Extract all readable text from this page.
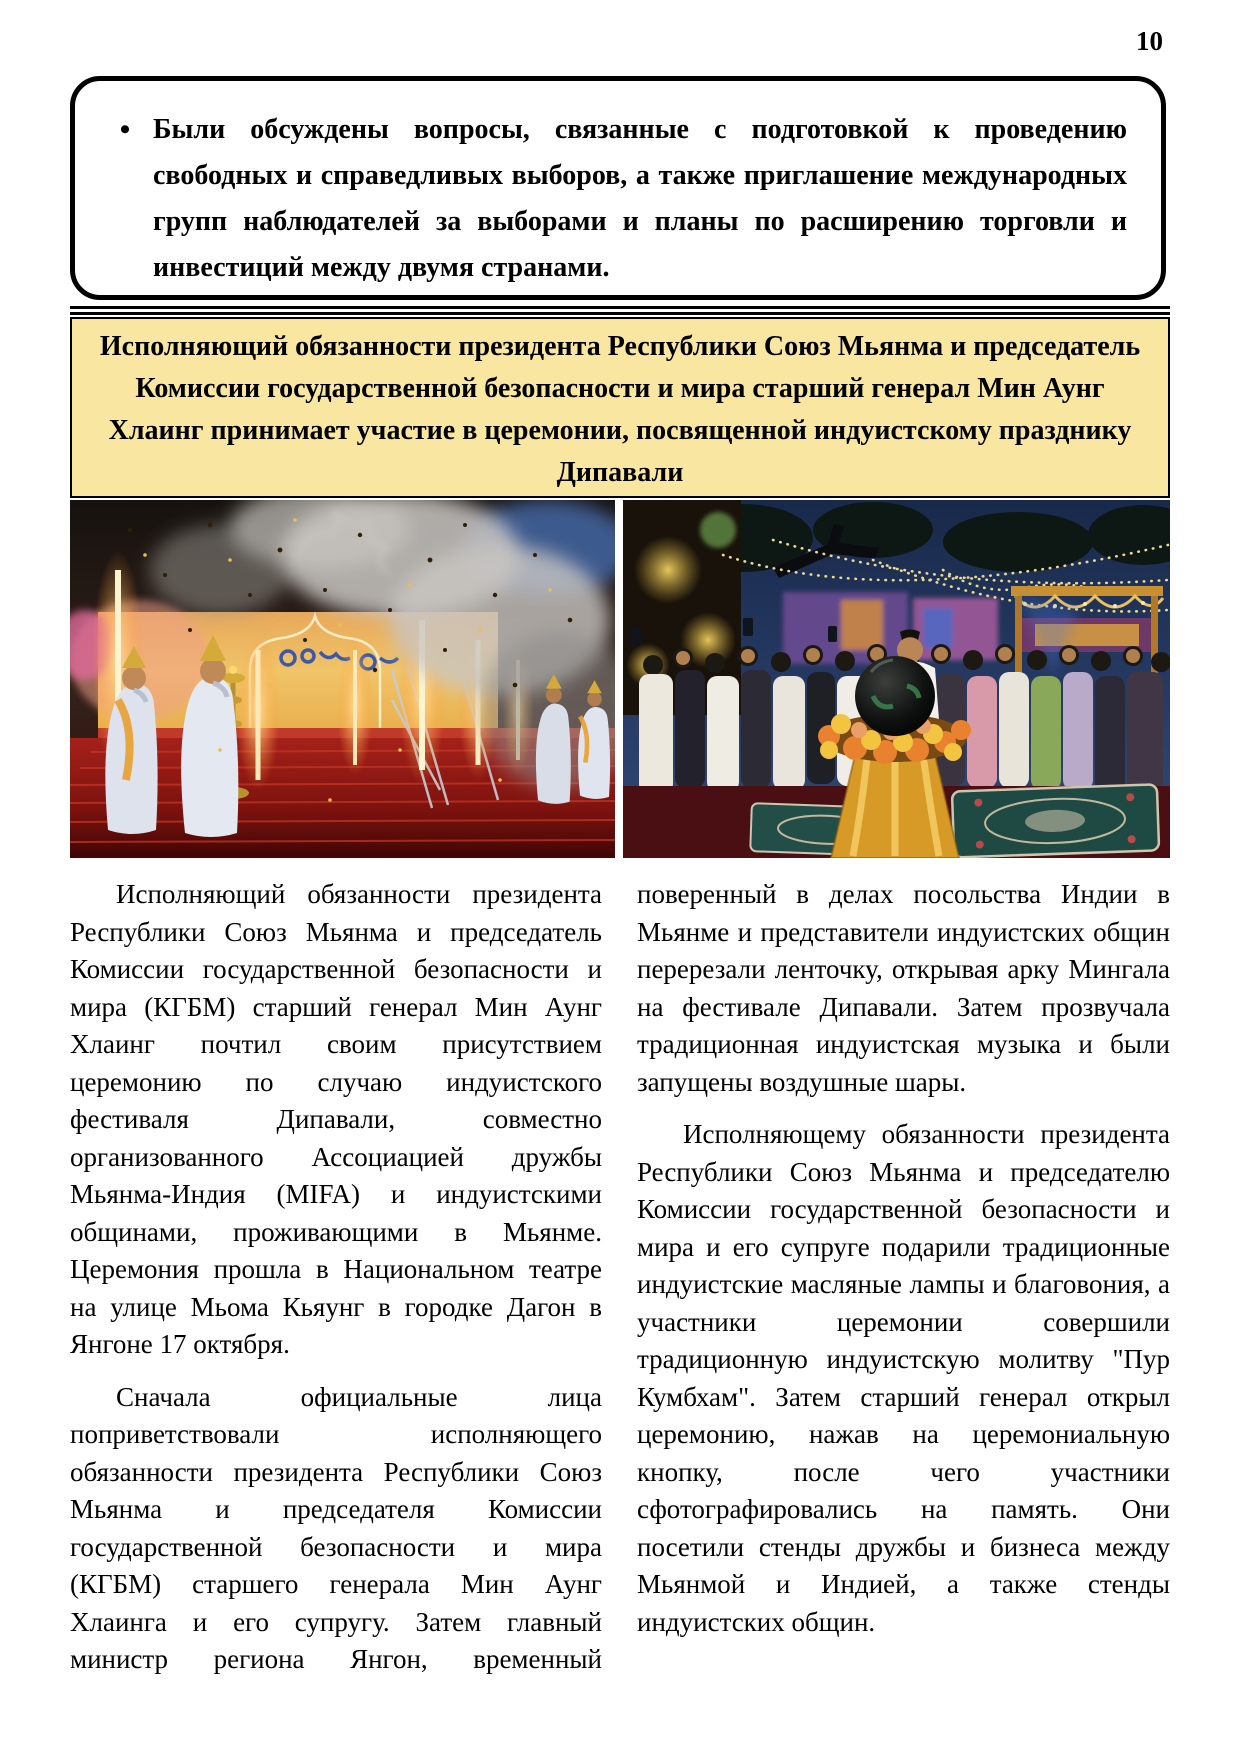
10
• Были обсуждены вопросы, связанные с подготовкой к проведению свободных и справедливых выборов, а также приглашение международных групп наблюдателей за выборами и планы по расширению торговли и инвестиций между двумя странами.
Исполняющий обязанности президента Республики Союз Мьянма и председатель Комиссии государственной безопасности и мира старший генерал Мин Аунг Хлаинг принимает участие в церемонии, посвященной индуистскому празднику Дипавали

Исполняющий обязанности президента Республики Союз Мьянма и председатель Комиссии государственной безопасности и мира (КГБМ) старший генерал Мин Аунг Хлаинг почтил своим присутствием церемонию по случаю индуистского фестиваля Дипавали, совместно организованного Ассоциацией дружбы Мьянма-Индия (MIFA) и индуистскими общинами, проживающими в Мьянме. Церемония прошла в Национальном театре на улице Мьома Кьяунг в городке Дагон в Янгоне 17 октября.

Сначала официальные лица поприветствовали исполняющего обязанности президента Республики Союз Мьянма и председателя Комиссии государственной безопасности и мира (КГБМ) старшего генерала Мин Аунг Хлаинга и его супругу. Затем главный министр региона Янгон, временный

поверенный в делах посольства Индии в Мьянме и представители индуистских общин перерезали ленточку, открывая арку Мингала на фестивале Дипавали. Затем прозвучала традиционная индуистская музыка и были запущены воздушные шары.

Исполняющему обязанности президента Республики Союз Мьянма и председателю Комиссии государственной безопасности и мира и его супруге подарили традиционные индуистские масляные лампы и благовония, а участники церемонии совершили традиционную индуистскую молитву "Пур Кумбхам". Затем старший генерал открыл церемонию, нажав на церемониальную кнопку, после чего участники сфотографировались на память. Они посетили стенды дружбы и бизнеса между Мьянмой и Индией, а также стенды индуистских общин.
